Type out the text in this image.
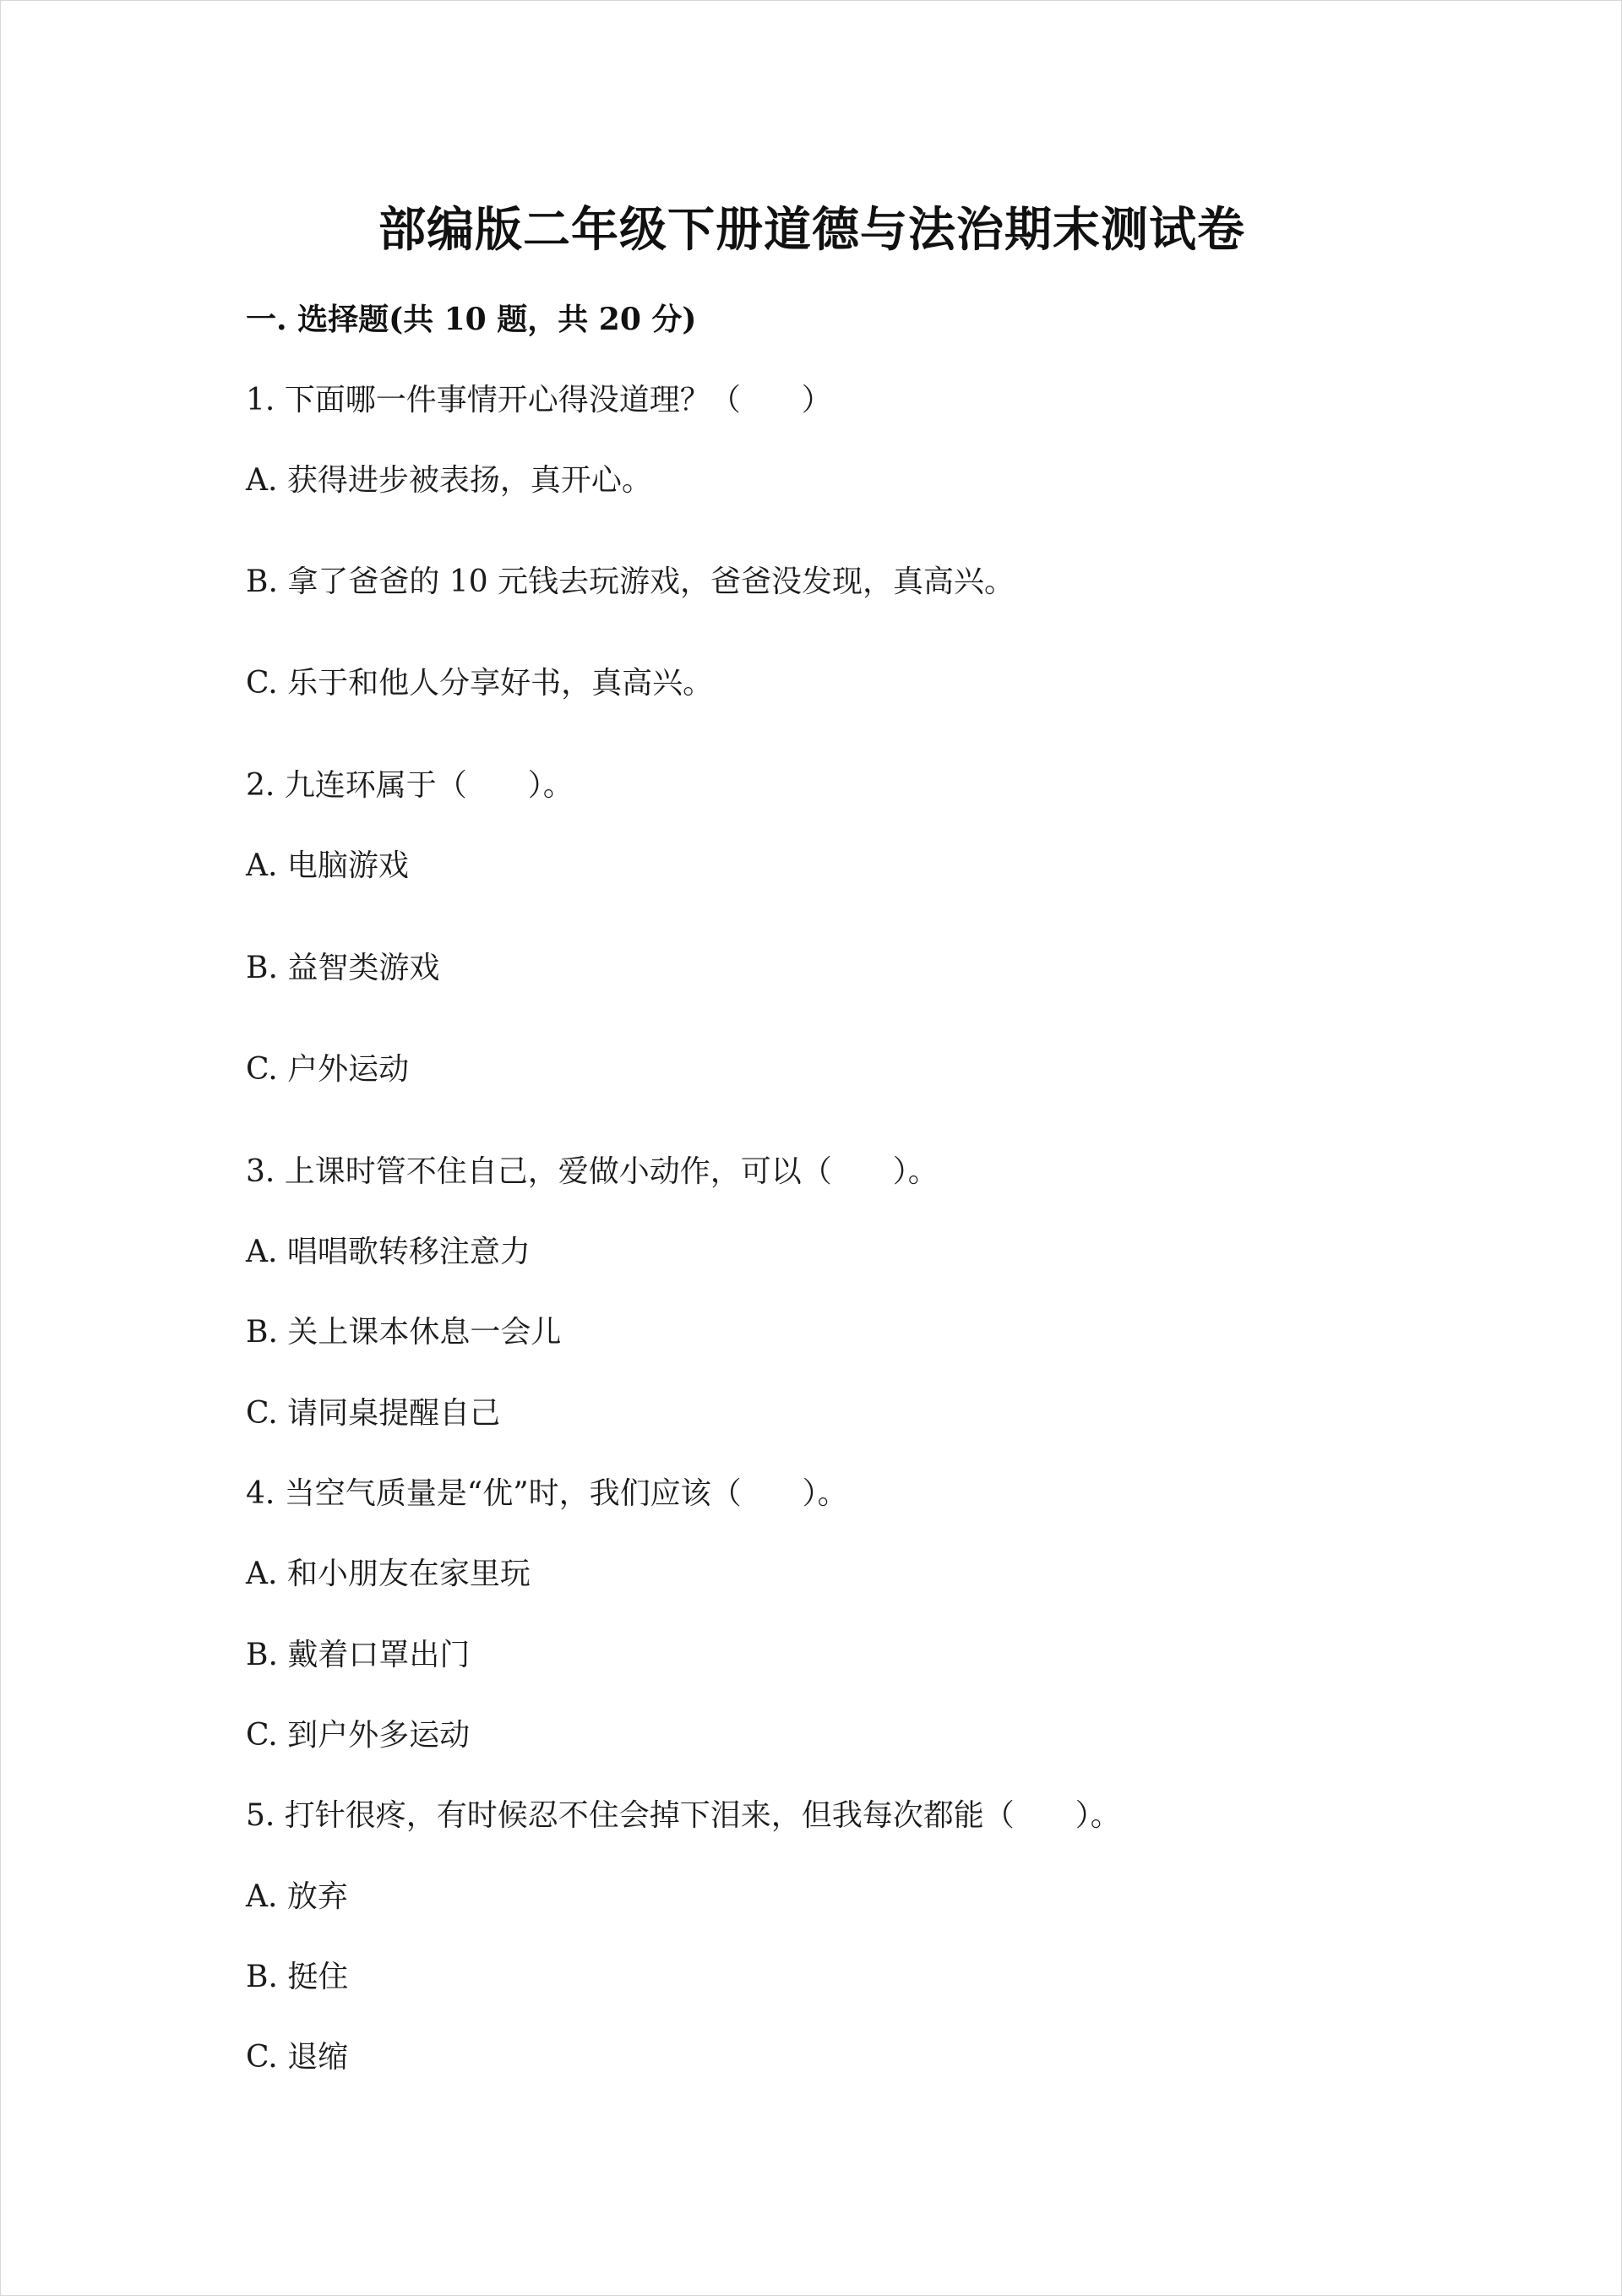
部编版二年级下册道德与法治期末测试卷
一. 选择题(共 10 题，共 20 分)

1. 下面哪一件事情开心得没道理？（　　）

A. 获得进步被表扬，真开心。

B. 拿了爸爸的 10 元钱去玩游戏，爸爸没发现，真高兴。

C. 乐于和他人分享好书，真高兴。

2. 九连环属于（　　）。

A. 电脑游戏

B. 益智类游戏

C. 户外运动

3. 上课时管不住自己，爱做小动作，可以（　　）。

A. 唱唱歌转移注意力

B. 关上课本休息一会儿

C. 请同桌提醒自己

4. 当空气质量是“优”时，我们应该（　　）。

A. 和小朋友在家里玩

B. 戴着口罩出门

C. 到户外多运动

5. 打针很疼，有时候忍不住会掉下泪来，但我每次都能（　　）。

A. 放弃

B. 挺住

C. 退缩
